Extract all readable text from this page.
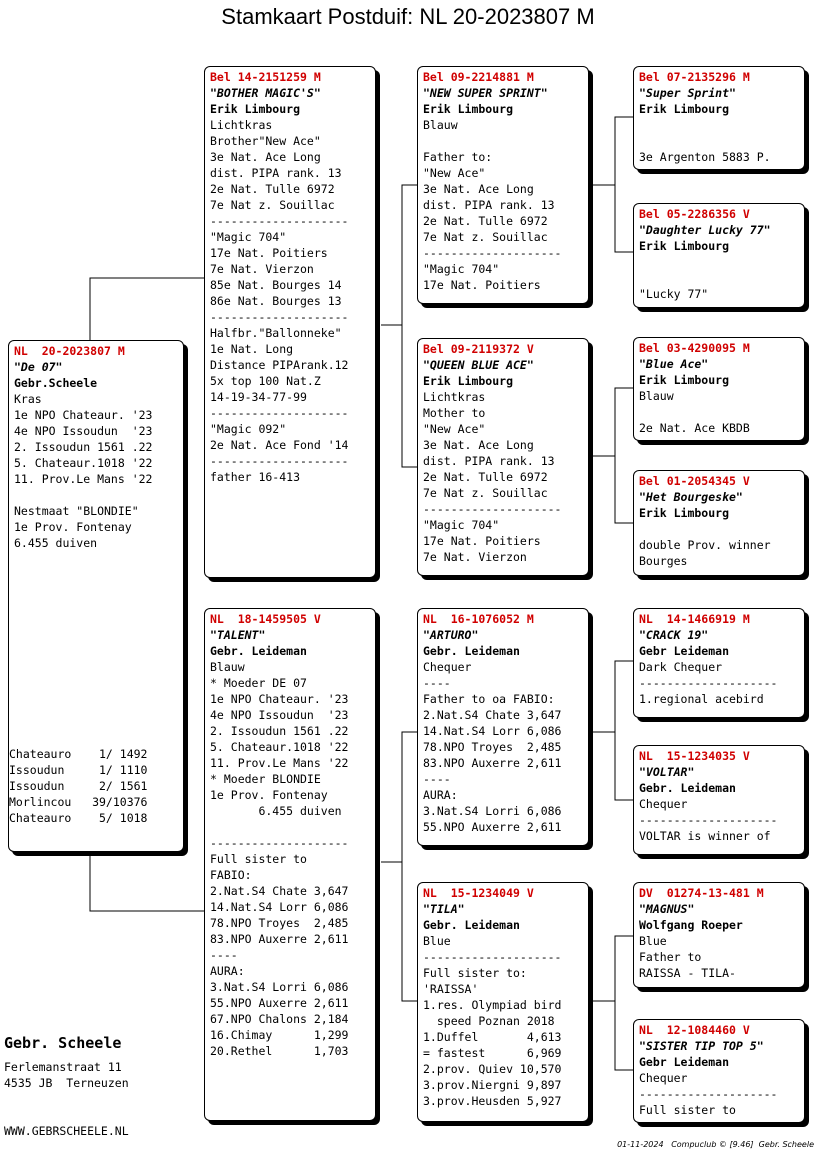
Stamkaart Postduif: NL 20-2023807 M
NL  20-2023807 M
"De 07"
Gebr.Scheele
Kras
1e NPO Chateaur. '23
4e NPO Issoudun  '23
2. Issoudun 1561 .22
5. Chateaur.1018 '22
11. Prov.Le Mans '22

Nestmaat "BLONDIE"
1e Prov. Fontenay
6.455 duiven
Chateauro    1/ 1492
Issoudun     1/ 1110
Issoudun     2/ 1561
Morlincou   39/10376
Chateauro    5/ 1018
Bel 14-2151259 M
"BOTHER MAGIC'S"
Erik Limbourg
Lichtkras
Brother"New Ace"
3e Nat. Ace Long
dist. PIPA rank. 13
2e Nat. Tulle 6972
7e Nat z. Souillac
--------------------
"Magic 704"
17e Nat. Poitiers
7e Nat. Vierzon
85e Nat. Bourges 14
86e Nat. Bourges 13
--------------------
Halfbr."Ballonneke"
1e Nat. Long
Distance PIPArank.12
5x top 100 Nat.Z
14-19-34-77-99
--------------------
"Magic 092"
2e Nat. Ace Fond '14
--------------------
father 16-413
NL  18-1459505 V
"TALENT"
Gebr. Leideman
Blauw
* Moeder DE 07
1e NPO Chateaur. '23
4e NPO Issoudun  '23
2. Issoudun 1561 .22
5. Chateaur.1018 '22
11. Prov.Le Mans '22
* Moeder BLONDIE
1e Prov. Fontenay
6.455 duiven

--------------------
Full sister to
FABIO:
2.Nat.S4 Chate 3,647
14.Nat.S4 Lorr 6,086
78.NPO Troyes  2,485
83.NPO Auxerre 2,611
----
AURA:
3.Nat.S4 Lorri 6,086
55.NPO Auxerre 2,611
67.NPO Chalons 2,184
16.Chimay      1,299
20.Rethel      1,703
Bel 09-2214881 M
"NEW SUPER SPRINT"
Erik Limbourg
Blauw

Father to:
"New Ace"
3e Nat. Ace Long
dist. PIPA rank. 13
2e Nat. Tulle 6972
7e Nat z. Souillac
--------------------
"Magic 704"
17e Nat. Poitiers
Bel 09-2119372 V
"QUEEN BLUE ACE"
Erik Limbourg
Lichtkras
Mother to
"New Ace"
3e Nat. Ace Long
dist. PIPA rank. 13
2e Nat. Tulle 6972
7e Nat z. Souillac
--------------------
"Magic 704"
17e Nat. Poitiers
7e Nat. Vierzon
NL  16-1076052 M
"ARTURO"
Gebr. Leideman
Chequer
----
Father to oa FABIO:
2.Nat.S4 Chate 3,647
14.Nat.S4 Lorr 6,086
78.NPO Troyes  2,485
83.NPO Auxerre 2,611
----
AURA:
3.Nat.S4 Lorri 6,086
55.NPO Auxerre 2,611
NL  15-1234049 V
"TILA"
Gebr. Leideman
Blue
--------------------
Full sister to:
'RAISSA'
1.res. Olympiad bird
speed Poznan 2018
1.Duffel       4,613
= fastest      6,969
2.prov. Quiev 10,570
3.prov.Niergni 9,897
3.prov.Heusden 5,927
Bel 07-2135296 M
"Super Sprint"
Erik Limbourg

3e Argenton 5883 P.
Bel 05-2286356 V
"Daughter Lucky 77"
Erik Limbourg

"Lucky 77"
Bel 03-4290095 M
"Blue Ace"
Erik Limbourg
Blauw

2e Nat. Ace KBDB
Bel 01-2054345 V
"Het Bourgeske"
Erik Limbourg

double Prov. winner
Bourges
NL  14-1466919 M
"CRACK 19"
Gebr Leideman
Dark Chequer
--------------------
1.regional acebird
NL  15-1234035 V
"VOLTAR"
Gebr. Leideman
Chequer
--------------------
VOLTAR is winner of
DV  01274-13-481 M
"MAGNUS"
Wolfgang Roeper
Blue
Father to
RAISSA - TILA-
NL  12-1084460 V
"SISTER TIP TOP 5"
Gebr Leideman
Chequer
--------------------
Full sister to
Gebr. Scheele
Ferlemanstraat 11
4535 JB  Terneuzen
WWW.GEBRSCHEELE.NL
01-11-2024   Compuclub © [9.46]  Gebr. Scheele
